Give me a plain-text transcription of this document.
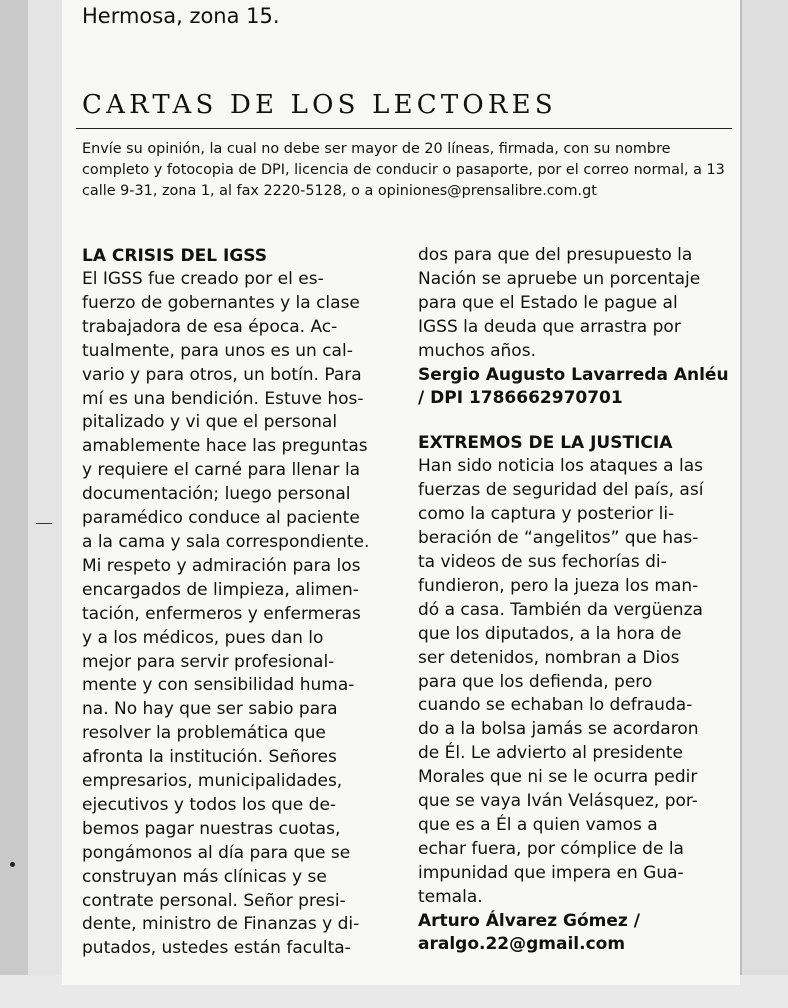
Hermosa, zona 15.

CARTAS DE LOS LECTORES

Envíe su opinión, la cual no debe ser mayor de 20 líneas, firmada, con su nombre completo y fotocopia de DPI, licencia de conducir o pasaporte, por el correo normal, a 13 calle 9-31, zona 1, al fax 2220-5128, o a opiniones@prensalibre.com.gt

LA CRISIS DEL IGSS

El IGSS fue creado por el es-
fuerzo de gobernantes y la clase
trabajadora de esa época. Ac-
tualmente, para unos es un cal-
vario y para otros, un botín. Para
mí es una bendición. Estuve hos-
pitalizado y vi que el personal
amablemente hace las preguntas
y requiere el carné para llenar la
documentación; luego personal
paramédico conduce al paciente
a la cama y sala correspondiente.
Mi respeto y admiración para los
encargados de limpieza, alimen-
tación, enfermeros y enfermeras
y a los médicos, pues dan lo
mejor para servir profesional-
mente y con sensibilidad huma-
na. No hay que ser sabio para
resolver la problemática que
afronta la institución. Señores
empresarios, municipalidades,
ejecutivos y todos los que de-
bemos pagar nuestras cuotas,
pongámonos al día para que se
construyan más clínicas y se
contrate personal. Señor presi-
dente, ministro de Finanzas y di-
putados, ustedes están faculta-

dos para que del presupuesto la
Nación se apruebe un porcentaje
para que el Estado le pague al
IGSS la deuda que arrastra por
muchos años.

Sergio Augusto Lavarreda Anléu

/ DPI 1786662970701

EXTREMOS DE LA JUSTICIA

Han sido noticia los ataques a las
fuerzas de seguridad del país, así
como la captura y posterior li-
beración de “angelitos” que has-
ta videos de sus fechorías di-
fundieron, pero la jueza los man-
dó a casa. También da vergüenza
que los diputados, a la hora de
ser detenidos, nombran a Dios
para que los defienda, pero
cuando se echaban lo defrauda-
do a la bolsa jamás se acordaron
de Él. Le advierto al presidente
Morales que ni se le ocurra pedir
que se vaya Iván Velásquez, por-
que es a Él a quien vamos a
echar fuera, por cómplice de la
impunidad que impera en Gua-
temala.

Arturo Álvarez Gómez /

aralgo.22@gmail.com
